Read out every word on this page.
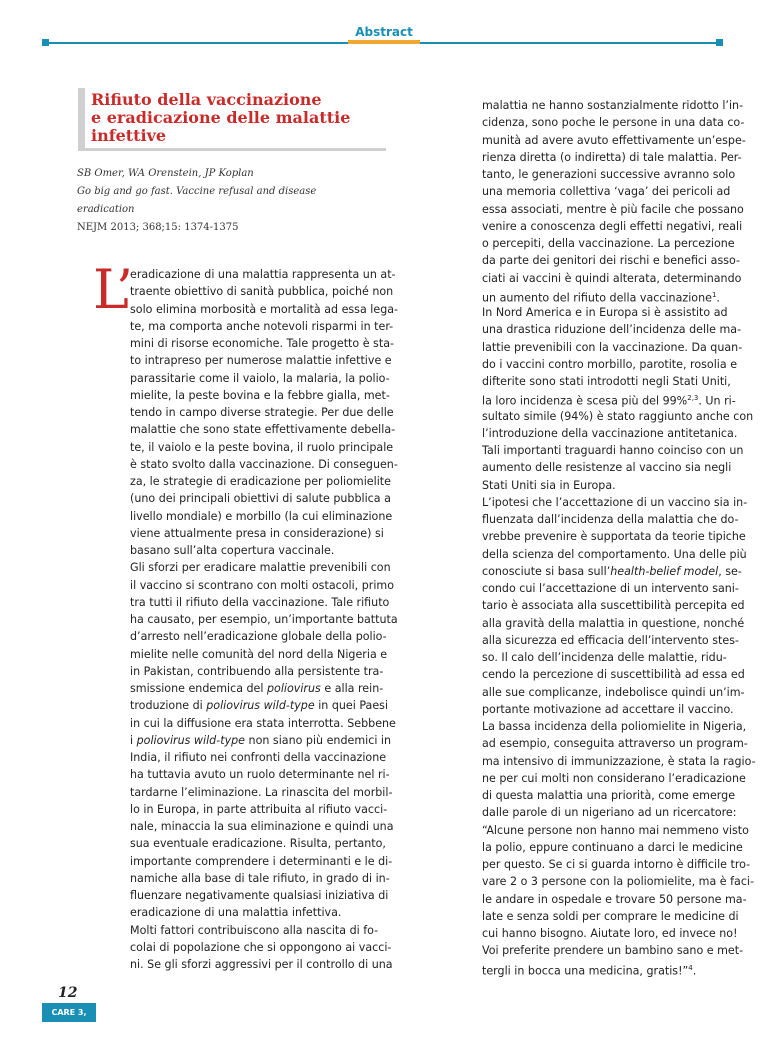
Abstract
Rifiuto della vaccinazione
e eradicazione delle malattie
infettive
SB Omer, WA Orenstein, JP Koplan
Go big and go fast. Vaccine refusal and disease
eradication
NEJM 2013; 368;15: 1374-1375
L’
eradicazione di una malattia rappresenta un at-
traente obiettivo di sanità pubblica, poiché non
solo elimina morbosità e mortalità ad essa lega-
te, ma comporta anche notevoli risparmi in ter-
mini di risorse economiche. Tale progetto è sta-
to intrapreso per numerose malattie infettive e
parassitarie come il vaiolo, la malaria, la polio-
mielite, la peste bovina e la febbre gialla, met-
tendo in campo diverse strategie. Per due delle
malattie che sono state effettivamente debella-
te, il vaiolo e la peste bovina, il ruolo principale
è stato svolto dalla vaccinazione. Di conseguen-
za, le strategie di eradicazione per poliomielite
(uno dei principali obiettivi di salute pubblica a
livello mondiale) e morbillo (la cui eliminazione
viene attualmente presa in considerazione) si
basano sull’alta copertura vaccinale.
Gli sforzi per eradicare malattie prevenibili con
il vaccino si scontrano con molti ostacoli, primo
tra tutti il rifiuto della vaccinazione. Tale rifiuto
ha causato, per esempio, un’importante battuta
d’arresto nell’eradicazione globale della polio-
mielite nelle comunità del nord della Nigeria e
in Pakistan, contribuendo alla persistente tra-
smissione endemica del poliovirus e alla rein-
troduzione di poliovirus wild-type in quei Paesi
in cui la diffusione era stata interrotta. Sebbene
i poliovirus wild-type non siano più endemici in
India, il rifiuto nei confronti della vaccinazione
ha tuttavia avuto un ruolo determinante nel ri-
tardarne l’eliminazione. La rinascita del morbil-
lo in Europa, in parte attribuita al rifiuto vacci-
nale, minaccia la sua eliminazione e quindi una
sua eventuale eradicazione. Risulta, pertanto,
importante comprendere i determinanti e le di-
namiche alla base di tale rifiuto, in grado di in-
fluenzare negativamente qualsiasi iniziativa di
eradicazione di una malattia infettiva.
Molti fattori contribuiscono alla nascita di fo-
colai di popolazione che si oppongono ai vacci-
ni. Se gli sforzi aggressivi per il controllo di una
malattia ne hanno sostanzialmente ridotto l’in-
cidenza, sono poche le persone in una data co-
munità ad avere avuto effettivamente un’espe-
rienza diretta (o indiretta) di tale malattia. Per-
tanto, le generazioni successive avranno solo
una memoria collettiva ‘vaga’ dei pericoli ad
essa associati, mentre è più facile che possano
venire a conoscenza degli effetti negativi, reali
o percepiti, della vaccinazione. La percezione
da parte dei genitori dei rischi e benefici asso-
ciati ai vaccini è quindi alterata, determinando
un aumento del rifiuto della vaccinazione$^1$.
In Nord America e in Europa si è assistito ad
una drastica riduzione dell’incidenza delle ma-
lattie prevenibili con la vaccinazione. Da quan-
do i vaccini contro morbillo, parotite, rosolia e
difterite sono stati introdotti negli Stati Uniti,
la loro incidenza è scesa più del 99%$^{2,3}$. Un ri-
sultato simile (94%) è stato raggiunto anche con
l’introduzione della vaccinazione antitetanica.
Tali importanti traguardi hanno coinciso con un
aumento delle resistenze al vaccino sia negli
Stati Uniti sia in Europa.
L’ipotesi che l’accettazione di un vaccino sia in-
fluenzata dall’incidenza della malattia che do-
vrebbe prevenire è supportata da teorie tipiche
della scienza del comportamento. Una delle più
conosciute si basa sull’health-belief model, se-
condo cui l’accettazione di un intervento sani-
tario è associata alla suscettibilità percepita ed
alla gravità della malattia in questione, nonché
alla sicurezza ed efficacia dell’intervento stes-
so. Il calo dell’incidenza delle malattie, ridu-
cendo la percezione di suscettibilità ad essa ed
alle sue complicanze, indebolisce quindi un’im-
portante motivazione ad accettare il vaccino.
La bassa incidenza della poliomielite in Nigeria,
ad esempio, conseguita attraverso un program-
ma intensivo di immunizzazione, è stata la ragio-
ne per cui molti non considerano l’eradicazione
di questa malattia una priorità, come emerge
dalle parole di un nigeriano ad un ricercatore:
“Alcune persone non hanno mai nemmeno visto
la polio, eppure continuano a darci le medicine
per questo. Se ci si guarda intorno è difficile tro-
vare 2 o 3 persone con la poliomielite, ma è faci-
le andare in ospedale e trovare 50 persone ma-
late e senza soldi per comprare le medicine di
cui hanno bisogno. Aiutate loro, ed invece no!
Voi preferite prendere un bambino sano e met-
tergli in bocca una medicina, gratis!”$^4$.
12
CARE 3, 2013
